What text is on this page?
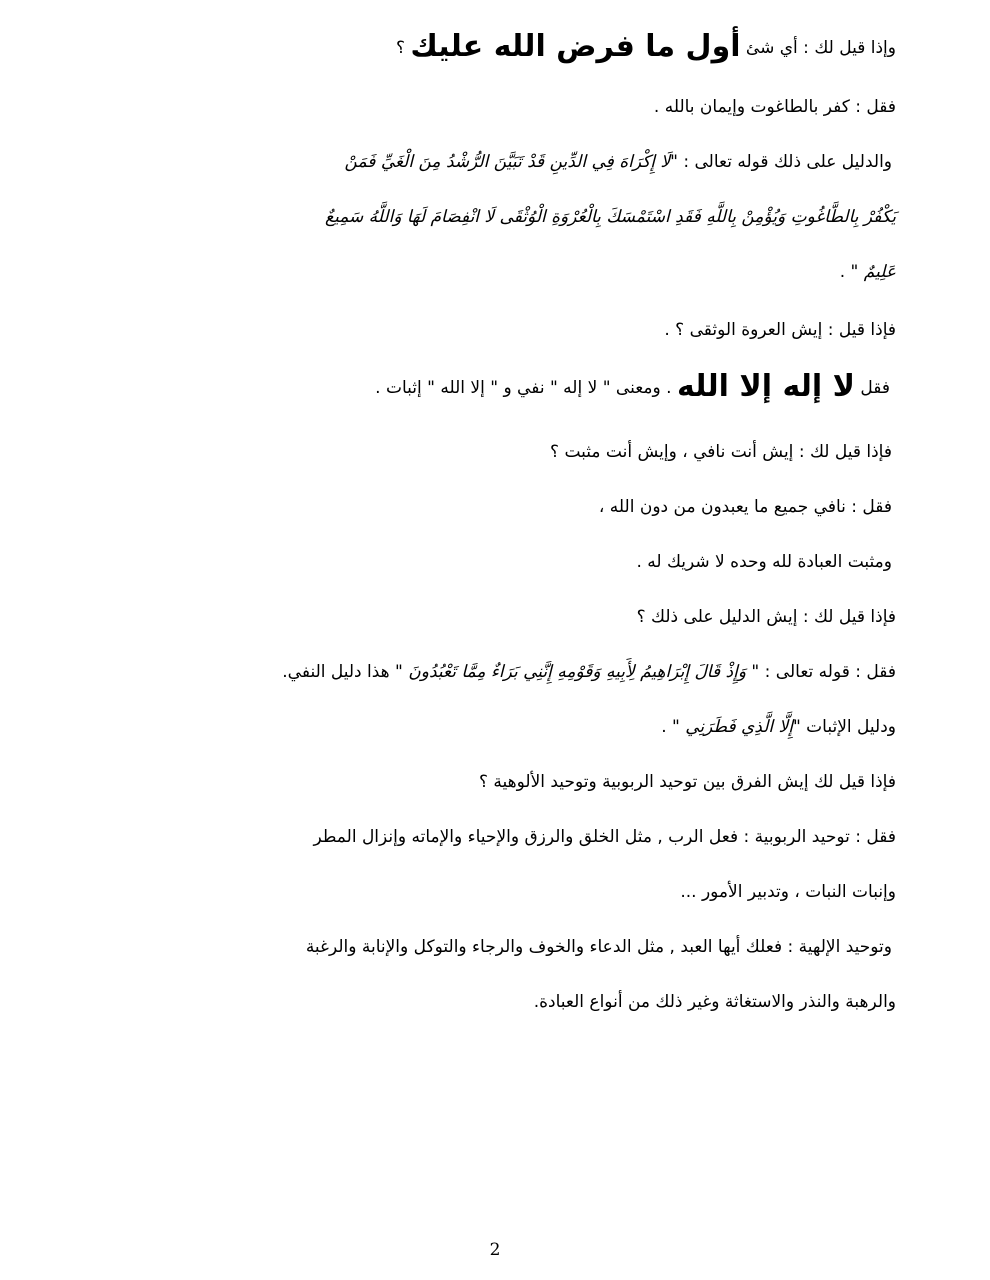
وإذا قيل لك : أي شئ أول ما فرض الله عليك ؟
فقل : كفر بالطاغوت وإيمان بالله .
والدليل على ذلك قوله تعالى : "لَا إِكْرَاهَ فِي الدِّينِ قَدْ تَبَيَّنَ الرُّشْدُ مِنَ الْغَيِّ فَمَنْ
يَكْفُرْ بِالطَّاغُوتِ وَيُؤْمِنْ بِاللَّهِ فَقَدِ اسْتَمْسَكَ بِالْعُرْوَةِ الْوُثْقَى لَا انْفِصَامَ لَهَا وَاللَّهُ سَمِيعٌ
عَلِيمٌ " .
فإذا قيل : إيش العروة الوثقى ؟ .
فقل لا إله إلا الله . ومعنى " لا إله " نفي و " إلا الله " إثبات .
فإذا قيل لك : إيش أنت نافي ، وإيش أنت مثبت ؟
فقل : نافي جميع ما يعبدون من دون الله ،
ومثبت العبادة لله وحده لا شريك له .
فإذا قيل لك : إيش الدليل على ذلك ؟
فقل : قوله تعالى : " وَإِذْ قَالَ إِبْرَاهِيمُ لِأَبِيهِ وَقَوْمِهِ إِنَّنِي بَرَاءٌ مِمَّا تَعْبُدُونَ " هذا دليل النفي.
ودليل الإثبات "إِلَّا الَّذِي فَطَرَنِي " .
فإذا قيل لك إيش الفرق بين توحيد الربوبية وتوحيد الألوهية ؟
فقل : توحيد الربوبية : فعل الرب , مثل الخلق والرزق والإحياء والإماته وإنزال المطر
وإنبات النبات ، وتدبير الأمور ...
وتوحيد الإلهية : فعلك أيها العبد , مثل الدعاء والخوف والرجاء والتوكل والإنابة والرغبة
والرهبة والنذر والاستغاثة وغير ذلك من أنواع العبادة.
2
